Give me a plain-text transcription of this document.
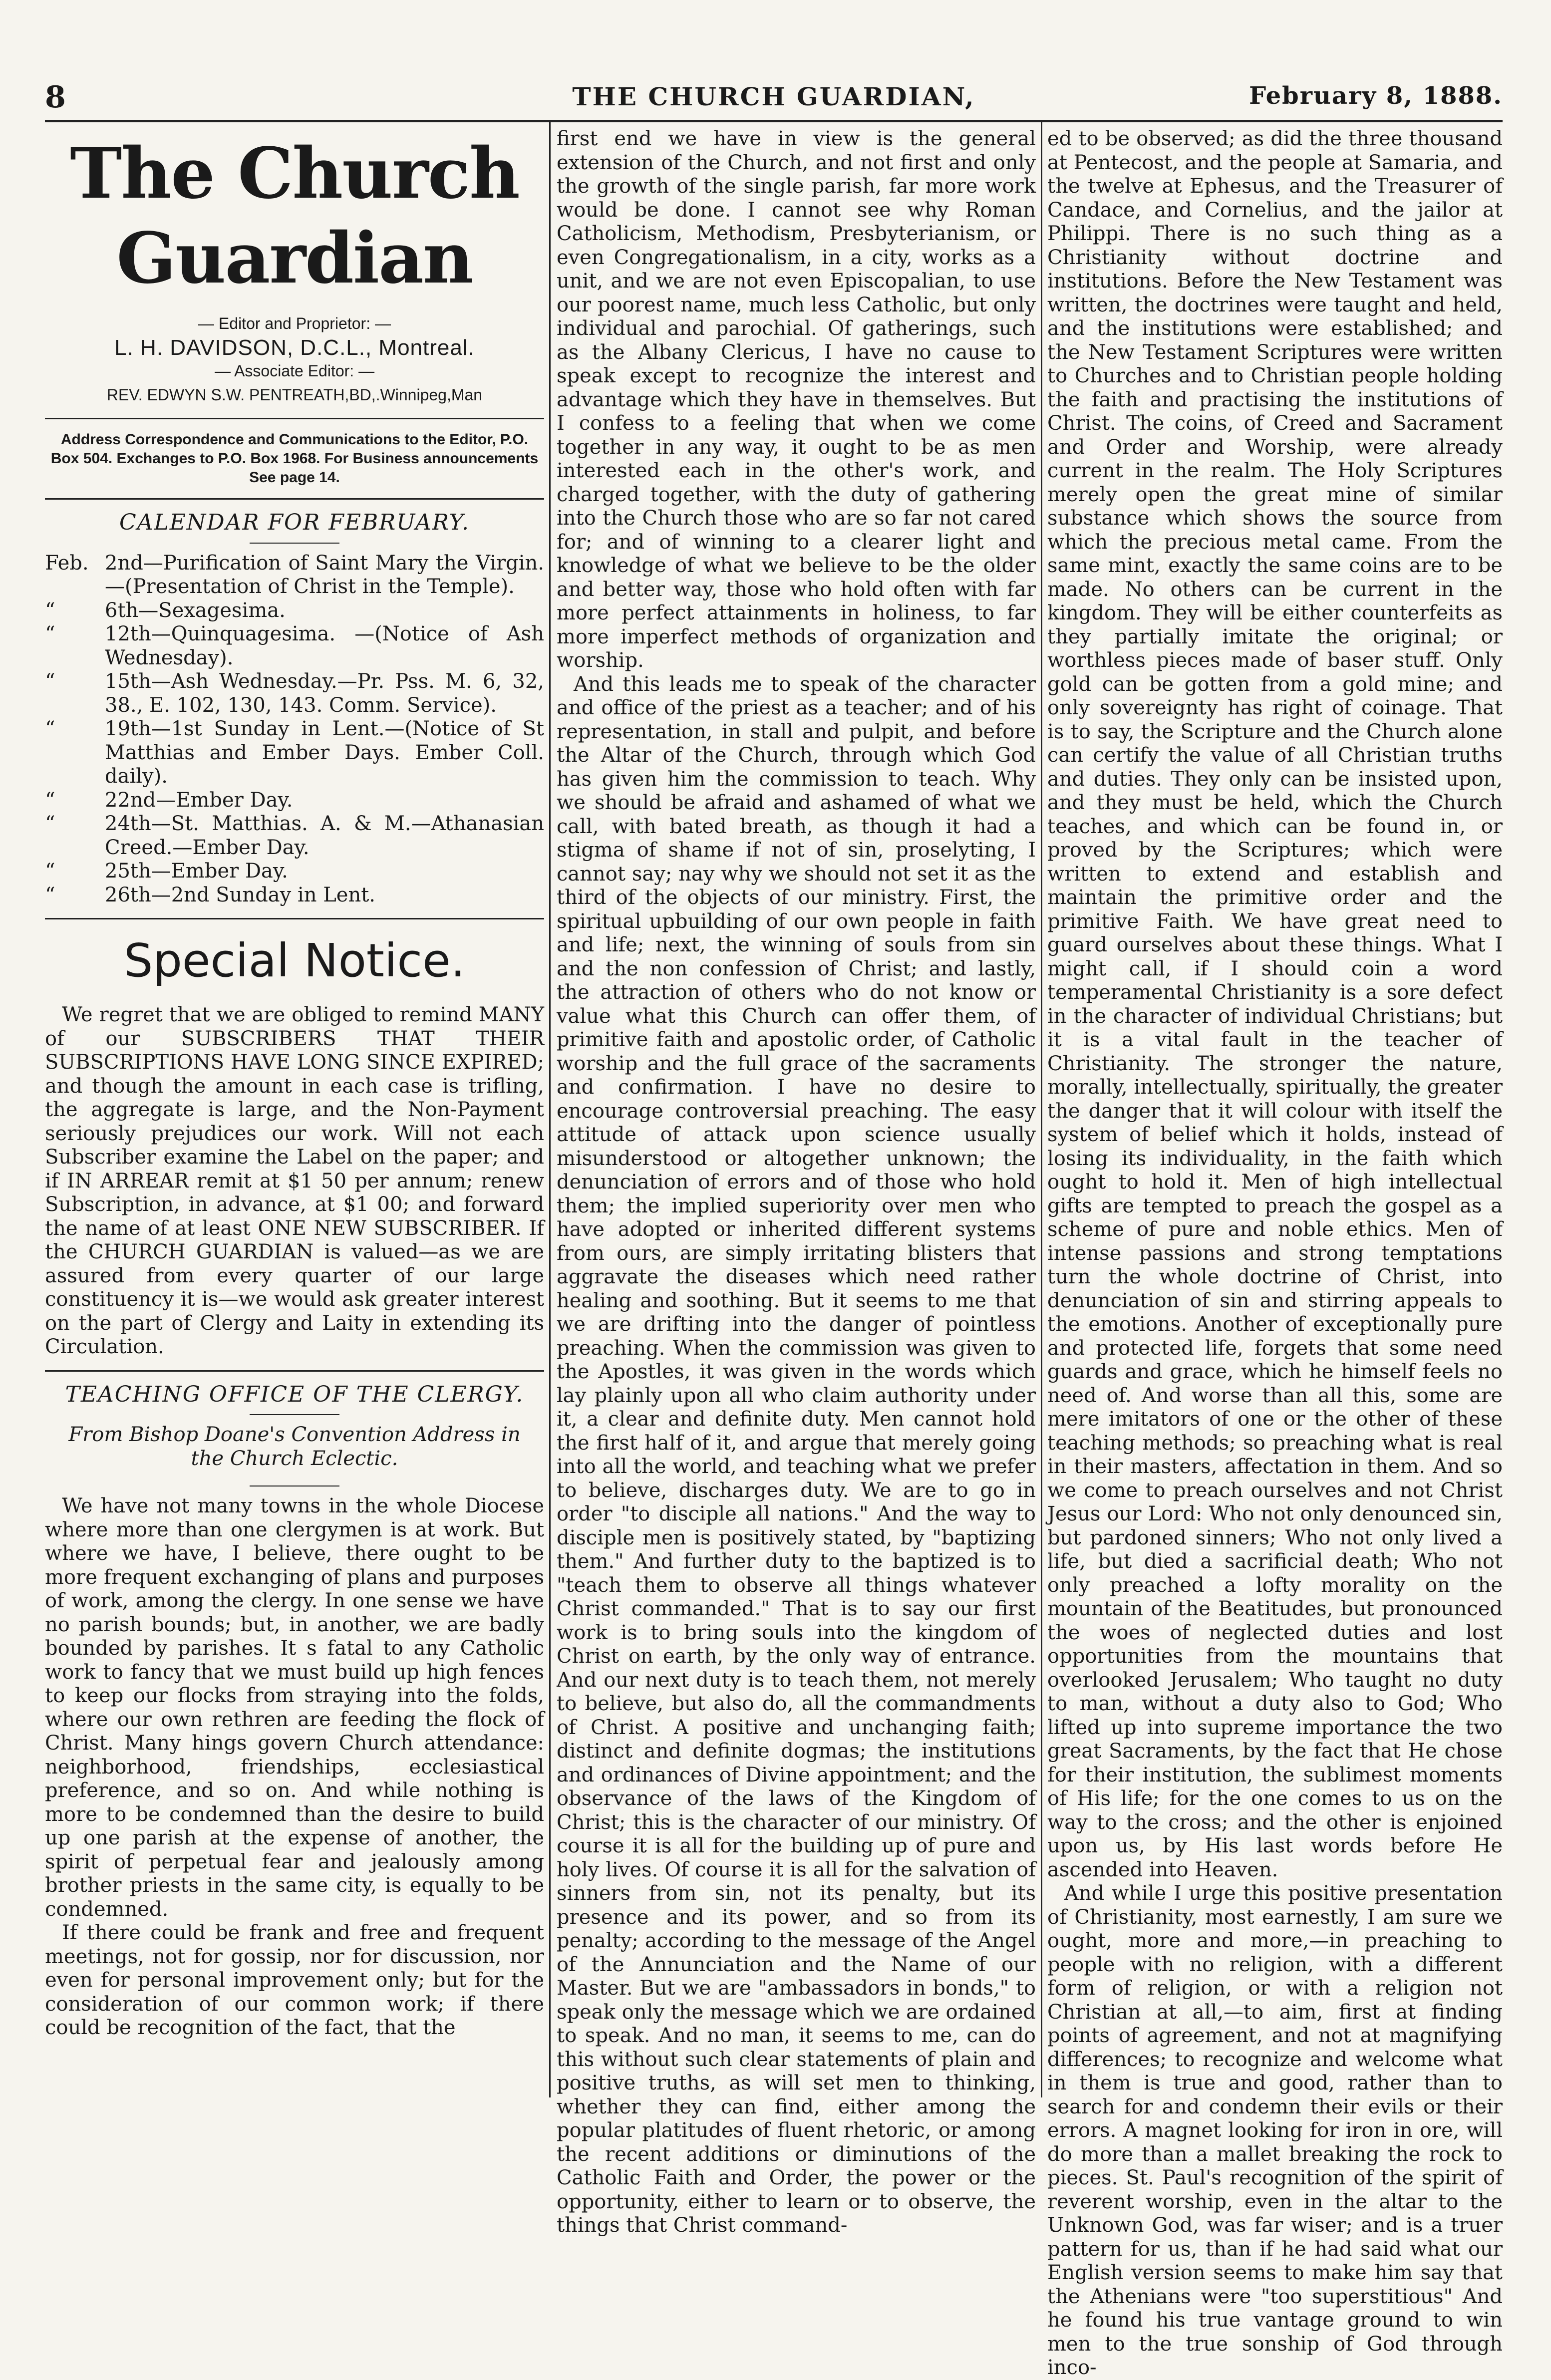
8	THE CHURCH GUARDIAN,	February 8, 1888.
The Church Guardian
— Editor and Proprietor: —
L. H. DAVIDSON, D.C.L., Montreal.
— Associate Editor: —
REV. EDWYN S.W. PENTREATH,BD,.Winnipeg,Man
Address Correspondence and Communications to the Editor, P.O. Box 504. Exchanges to P.O. Box 1968. For Business announcements See page 14.
CALENDAR FOR FEBRUARY.
Feb. 2nd—Purification of Saint Mary the Virgin.—(Presentation of Christ in the Temple).
“	6th—Sexagesima.
“	12th—Quinquagesima. —(Notice of Ash Wednesday).
“	15th—Ash Wednesday.—Pr. Pss. M. 6, 32, 38., E. 102, 130, 143. Comm. Service).
“	19th—1st Sunday in Lent.—(Notice of St Matthias and Ember Days. Ember Coll. daily).
“	22nd—Ember Day.
“	24th—St. Matthias. A. & M.—Athanasian Creed.—Ember Day.
“	25th—Ember Day.
“	26th—2nd Sunday in Lent.
Special Notice.

We regret that we are obliged to remind MANY of our SUBSCRIBERS THAT THEIR SUBSCRIPTIONS HAVE LONG SINCE EXPIRED; and though the amount in each case is trifling, the aggregate is large, and the Non-Payment seriously prejudices our work. Will not each Subscriber examine the Label on the paper; and if IN ARREAR remit at $1 50 per annum; renew Subscription, in advance, at $1 00; and forward the name of at least ONE NEW SUBSCRIBER. If the CHURCH GUARDIAN is valued—as we are assured from every quarter of our large constituency it is—we would ask greater interest on the part of Clergy and Laity in extending its Circulation.

TEACHING OFFICE OF THE CLERGY.
From Bishop Doane's Convention Address in the Church Eclectic.

We have not many towns in the whole Diocese where more than one clergymen is at work. But where we have, I believe, there ought to be more frequent exchanging of plans and purposes of work, among the clergy. In one sense we have no parish bounds; but, in another, we are badly bounded by parishes. It s fatal to any Catholic work to fancy that we must build up high fences to keep our flocks from straying into the folds, where our own rethren are feeding the flock of Christ. Many hings govern Church attendance: neighborhood, friendships, ecclesiastical preference, and so on. And while nothing is more to be condemned than the desire to build up one parish at the expense of another, the spirit of perpetual fear and jealously among brother priests in the same city, is equally to be condemned.

If there could be frank and free and frequent meetings, not for gossip, nor for discussion, nor even for personal improvement only; but for the consideration of our common work; if there could be recognition of the fact, that the

first end we have in view is the general extension of the Church, and not first and only the growth of the single parish, far more work would be done. I cannot see why Roman Catholicism, Methodism, Presbyterianism, or even Congregationalism, in a city, works as a unit, and we are not even Episcopalian, to use our poorest name, much less Catholic, but only individual and parochial. Of gatherings, such as the Albany Clericus, I have no cause to speak except to recognize the interest and advantage which they have in themselves. But I confess to a feeling that when we come together in any way, it ought to be as men interested each in the other's work, and charged together, with the duty of gathering into the Church those who are so far not cared for; and of winning to a clearer light and knowledge of what we believe to be the older and better way, those who hold often with far more perfect attainments in holiness, to far more imperfect methods of organization and worship.

And this leads me to speak of the character and office of the priest as a teacher; and of his representation, in stall and pulpit, and before the Altar of the Church, through which God has given him the commission to teach. Why we should be afraid and ashamed of what we call, with bated breath, as though it had a stigma of shame if not of sin, proselyting, I cannot say; nay why we should not set it as the third of the objects of our ministry. First, the spiritual upbuilding of our own people in faith and life; next, the winning of souls from sin and the non confession of Christ; and lastly, the attraction of others who do not know or value what this Church can offer them, of primitive faith and apostolic order, of Catholic worship and the full grace of the sacraments and confirmation. I have no desire to encourage controversial preaching. The easy attitude of attack upon science usually misunderstood or altogether unknown; the denunciation of errors and of those who hold them; the implied superiority over men who have adopted or inherited different systems from ours, are simply irritating blisters that aggravate the diseases which need rather healing and soothing. But it seems to me that we are drifting into the danger of pointless preaching. When the commission was given to the Apostles, it was given in the words which lay plainly upon all who claim authority under it, a clear and definite duty. Men cannot hold the first half of it, and argue that merely going into all the world, and teaching what we prefer to believe, discharges duty. We are to go in order "to disciple all nations." And the way to disciple men is positively stated, by "baptizing them." And further duty to the baptized is to "teach them to observe all things whatever Christ commanded." That is to say our first work is to bring souls into the kingdom of Christ on earth, by the only way of entrance. And our next duty is to teach them, not merely to believe, but also do, all the commandments of Christ. A positive and unchanging faith; distinct and definite dogmas; the institutions and ordinances of Divine appointment; and the observance of the laws of the Kingdom of Christ; this is the character of our ministry. Of course it is all for the building up of pure and holy lives. Of course it is all for the salvation of sinners from sin, not its penalty, but its presence and its power, and so from its penalty; according to the message of the Angel of the Annunciation and the Name of our Master. But we are "ambassadors in bonds," to speak only the message which we are ordained to speak. And no man, it seems to me, can do this without such clear statements of plain and positive truths, as will set men to thinking, whether they can find, either among the popular platitudes of fluent rhetoric, or among the recent additions or diminutions of the Catholic Faith and Order, the power or the opportunity, either to learn or to observe, the things that Christ command-

ed to be observed; as did the three thousand at Pentecost, and the people at Samaria, and the twelve at Ephesus, and the Treasurer of Candace, and Cornelius, and the jailor at Philippi. There is no such thing as a Christianity without doctrine and institutions. Before the New Testament was written, the doctrines were taught and held, and the institutions were established; and the New Testament Scriptures were written to Churches and to Christian people holding the faith and practising the institutions of Christ. The coins, of Creed and Sacrament and Order and Worship, were already current in the realm. The Holy Scriptures merely open the great mine of similar substance which shows the source from which the precious metal came. From the same mint, exactly the same coins are to be made. No others can be current in the kingdom. They will be either counterfeits as they partially imitate the original; or worthless pieces made of baser stuff. Only gold can be gotten from a gold mine; and only sovereignty has right of coinage. That is to say, the Scripture and the Church alone can certify the value of all Christian truths and duties. They only can be insisted upon, and they must be held, which the Church teaches, and which can be found in, or proved by the Scriptures; which were written to extend and establish and maintain the primitive order and the primitive Faith. We have great need to guard ourselves about these things. What I might call, if I should coin a word temperamental Christianity is a sore defect in the character of individual Christians; but it is a vital fault in the teacher of Christianity. The stronger the nature, morally, intellectually, spiritually, the greater the danger that it will colour with itself the system of belief which it holds, instead of losing its individuality, in the faith which ought to hold it. Men of high intellectual gifts are tempted to preach the gospel as a scheme of pure and noble ethics. Men of intense passions and strong temptations turn the whole doctrine of Christ, into denunciation of sin and stirring appeals to the emotions. Another of exceptionally pure and protected life, forgets that some need guards and grace, which he himself feels no need of. And worse than all this, some are mere imitators of one or the other of these teaching methods; so preaching what is real in their masters, affectation in them. And so we come to preach ourselves and not Christ Jesus our Lord: Who not only denounced sin, but pardoned sinners; Who not only lived a life, but died a sacrificial death; Who not only preached a lofty morality on the mountain of the Beatitudes, but pronounced the woes of neglected duties and lost opportunities from the mountains that overlooked Jerusalem; Who taught no duty to man, without a duty also to God; Who lifted up into supreme importance the two great Sacraments, by the fact that He chose for their institution, the sublimest moments of His life; for the one comes to us on the way to the cross; and the other is enjoined upon us, by His last words before He ascended into Heaven.

And while I urge this positive presentation of Christianity, most earnestly, I am sure we ought, more and more,—in preaching to people with no religion, with a different form of religion, or with a religion not Christian at all,—to aim, first at finding points of agreement, and not at magnifying differences; to recognize and welcome what in them is true and good, rather than to search for and condemn their evils or their errors. A magnet looking for iron in ore, will do more than a mallet breaking the rock to pieces. St. Paul's recognition of the spirit of reverent worship, even in the altar to the Unknown God, was far wiser; and is a truer pattern for us, than if he had said what our English version seems to make him say that the Athenians were "too superstitious" And he found his true vantage ground to win men to the true sonship of God through inco-
